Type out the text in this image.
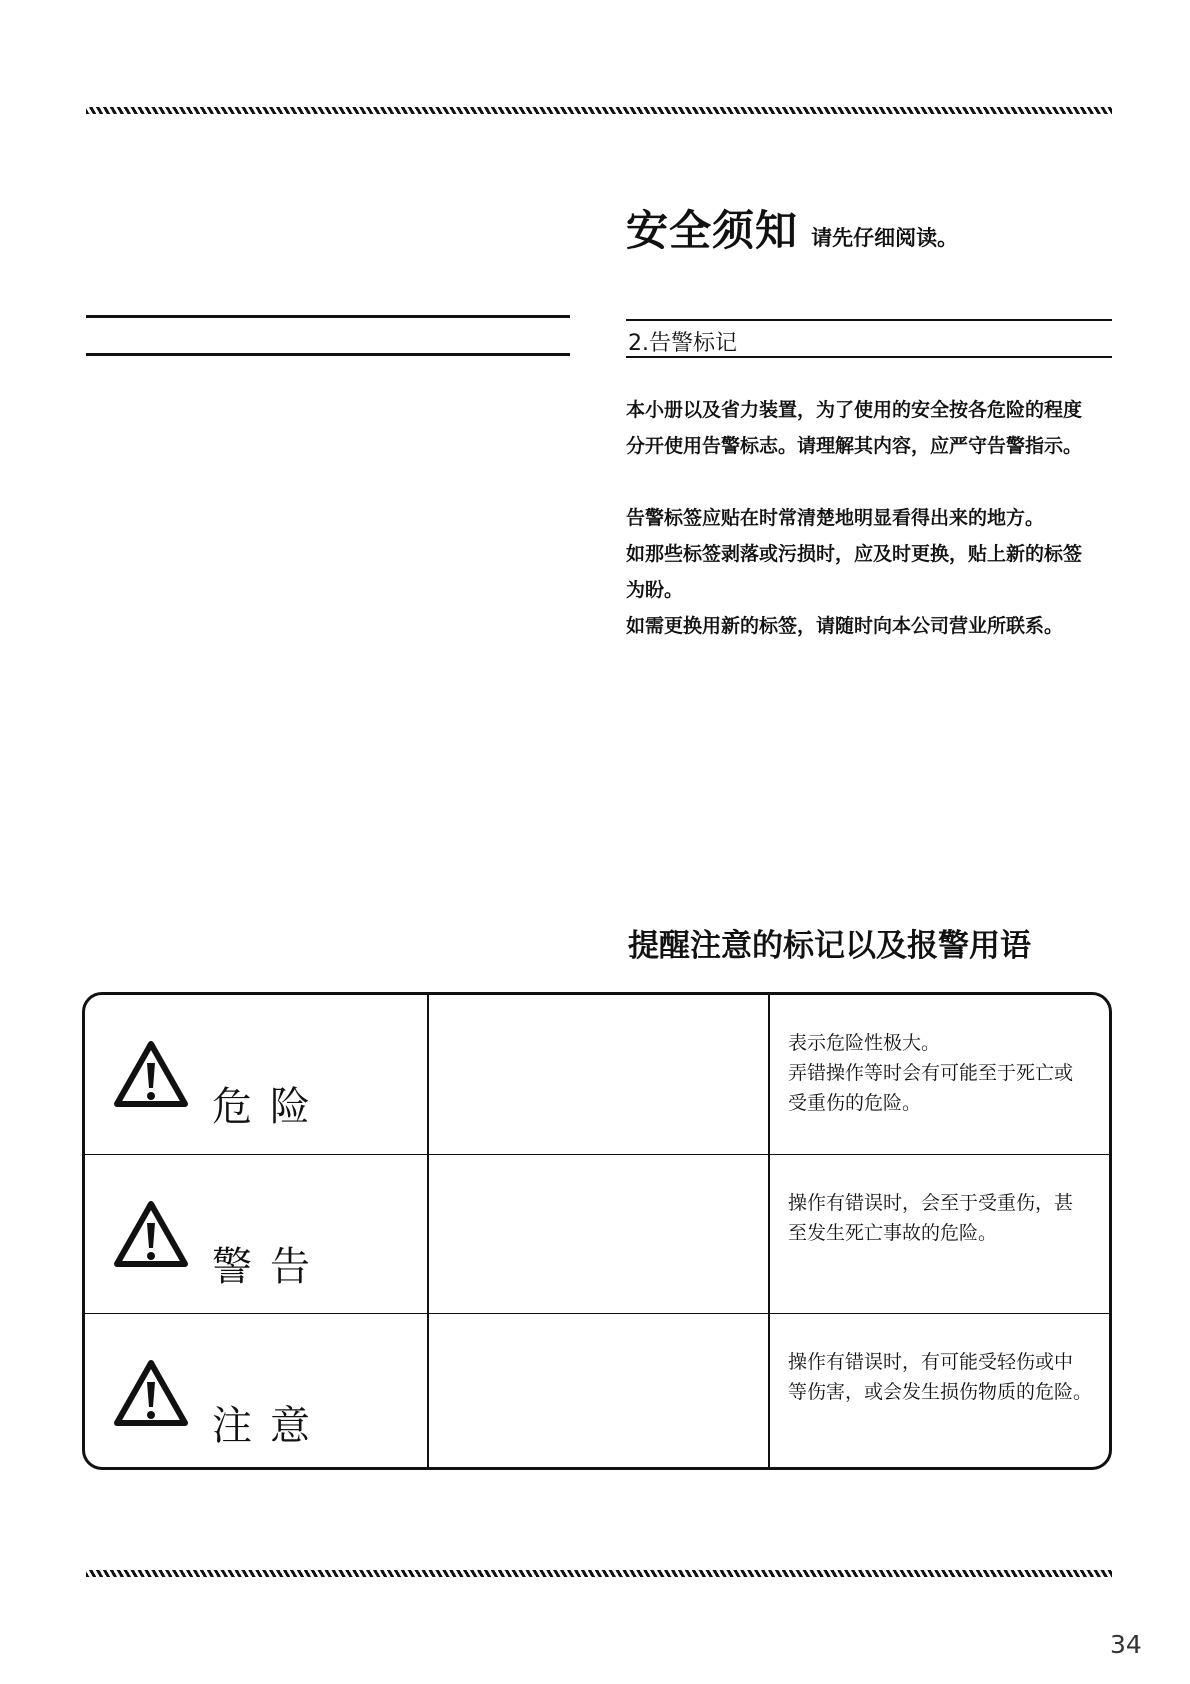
安全须知 请先仔细阅读。
2.告警标记

本小册以及省力装置，为了使用的安全按各危险的程度

分开使用告警标志。请理解其内容，应严守告警指示。

告警标签应贴在时常清楚地明显看得出来的地方。

如那些标签剥落或污损时，应及时更换，贴上新的标签

为盼。

如需更换用新的标签，请随时向本公司营业所联系。

提醒注意的标记以及报警用语
危险
表示危险性极大。
弄错操作等时会有可能至于死亡或
受重伤的危险。
警告
操作有错误时，会至于受重伤，甚
至发生死亡事故的危险。
注意
操作有错误时，有可能受轻伤或中
等伤害，或会发生损伤物质的危险。
34
